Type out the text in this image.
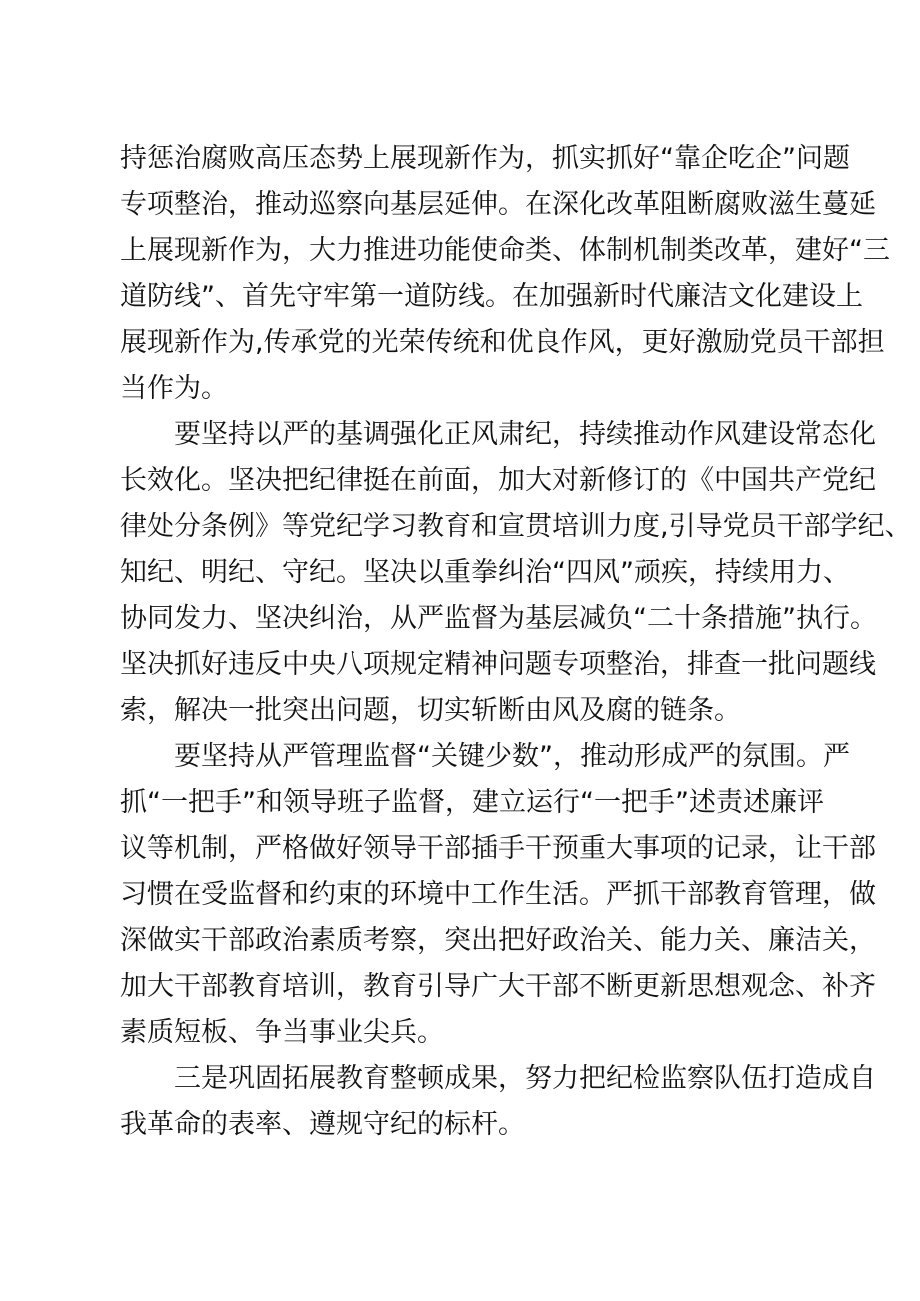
持惩治腐败高压态势上展现新作为，抓实抓好“靠企吃企”问题
专项整治，推动巡察向基层延伸。在深化改革阻断腐败滋生蔓延
上展现新作为，大力推进功能使命类、体制机制类改革，建好“三
道防线”、首先守牢第一道防线。在加强新时代廉洁文化建设上
展现新作为,传承党的光荣传统和优良作风，更好激励党员干部担
当作为。
　　要坚持以严的基调强化正风肃纪，持续推动作风建设常态化
长效化。坚决把纪律挺在前面，加大对新修订的《中国共产党纪
律处分条例》等党纪学习教育和宣贯培训力度,引导党员干部学纪、
知纪、明纪、守纪。坚决以重拳纠治“四风”顽疾，持续用力、
协同发力、坚决纠治，从严监督为基层减负“二十条措施”执行。
坚决抓好违反中央八项规定精神问题专项整治，排查一批问题线
索，解决一批突出问题，切实斩断由风及腐的链条。
　　要坚持从严管理监督“关键少数”，推动形成严的氛围。严
抓“一把手”和领导班子监督，建立运行“一把手”述责述廉评
议等机制，严格做好领导干部插手干预重大事项的记录，让干部
习惯在受监督和约束的环境中工作生活。严抓干部教育管理，做
深做实干部政治素质考察，突出把好政治关、能力关、廉洁关，
加大干部教育培训，教育引导广大干部不断更新思想观念、补齐
素质短板、争当事业尖兵。
　　三是巩固拓展教育整顿成果，努力把纪检监察队伍打造成自
我革命的表率、遵规守纪的标杆。
